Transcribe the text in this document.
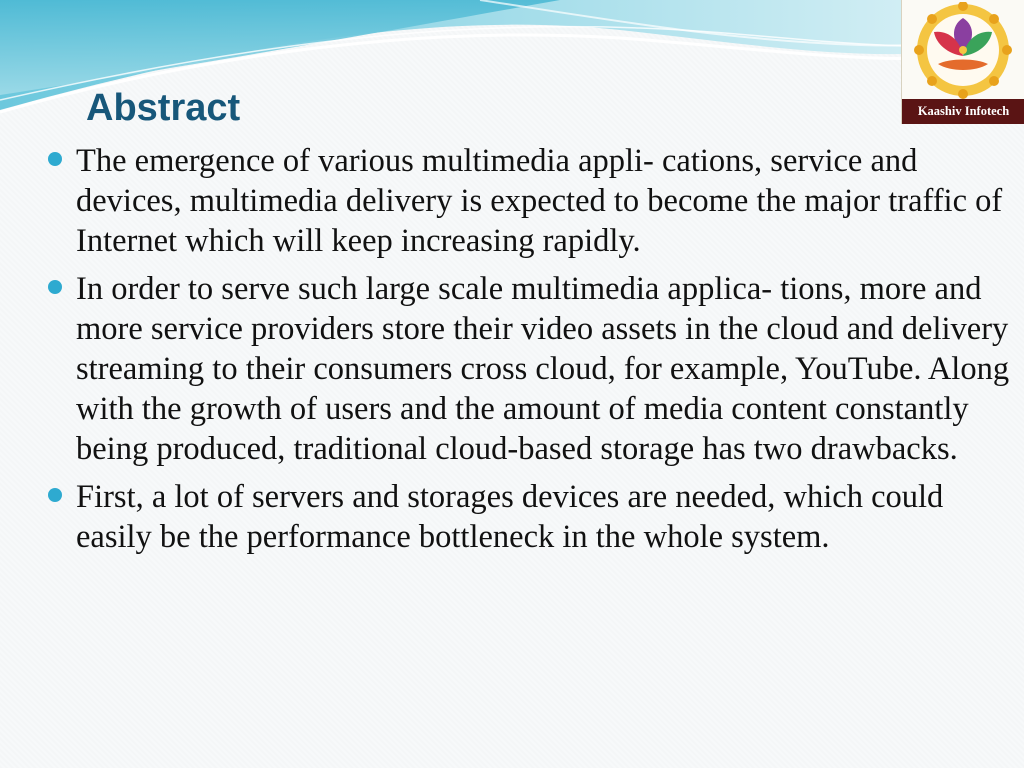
Abstract	Kaashiv Infotech
The emergence of various multimedia appli- cations, service and devices, multimedia delivery is expected to become the major traffic of Internet which will keep increasing rapidly.
In order to serve such large scale multimedia applica- tions, more and more service providers store their video assets in the cloud and delivery streaming to their consumers cross cloud, for example, YouTube. Along with the growth of users and the amount of media content constantly being produced, traditional cloud-based storage has two drawbacks.
First, a lot of servers and storages devices are needed, which could easily be the performance bottleneck in the whole system.
